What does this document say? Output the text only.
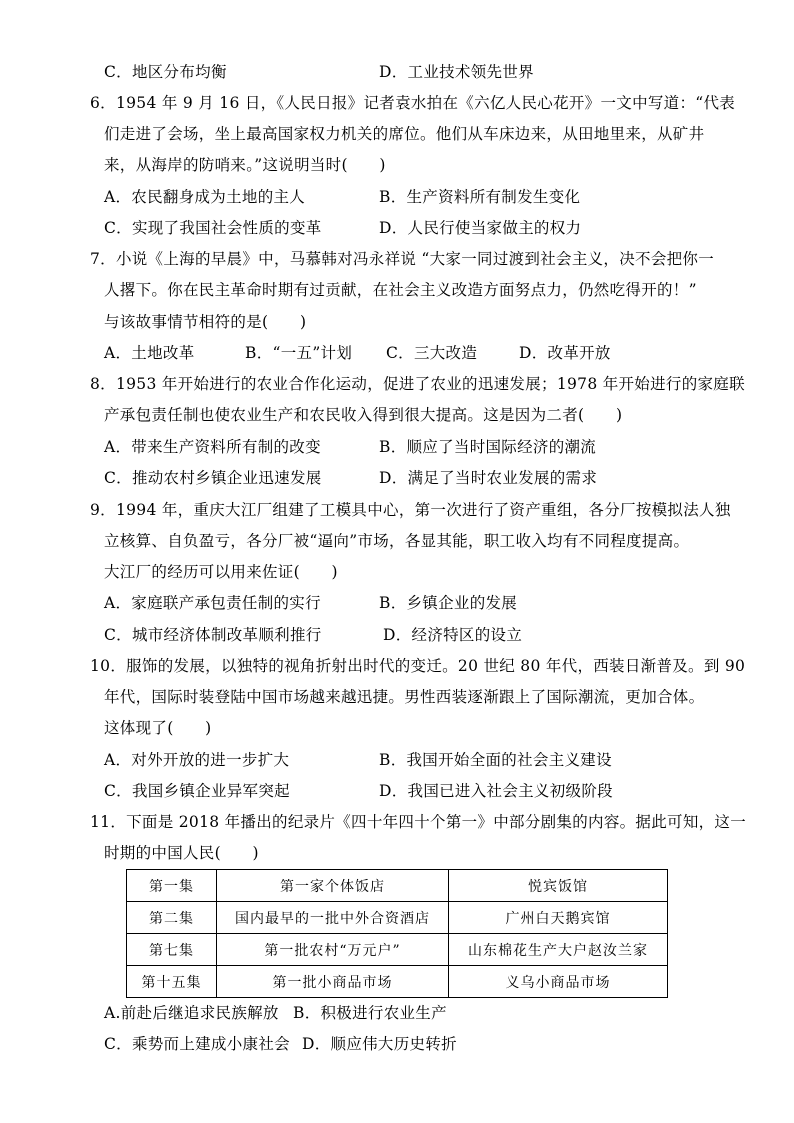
C．地区分布均衡	D．工业技术领先世界
6．1954 年 9 月 16 日，《人民日报》记者袁水拍在《六亿人民心花开》一文中写道：“代表
们走进了会场，坐上最高国家权力机关的席位。他们从车床边来，从田地里来，从矿井
来，从海岸的防哨来。”这说明当时(　　)
A．农民翻身成为土地的主人	B．生产资料所有制发生变化
C．实现了我国社会性质的变革	D．人民行使当家做主的权力
7．小说《上海的早晨》中，马慕韩对冯永祥说 “大家一同过渡到社会主义，决不会把你一
人撂下。你在民主革命时期有过贡献，在社会主义改造方面努点力，仍然吃得开的！”
与该故事情节相符的是(　　)
A．土地改革	B．“一五”计划 C．三大改造	D．改革开放
8．1953 年开始进行的农业合作化运动，促进了农业的迅速发展；1978 年开始进行的家庭联
产承包责任制也使农业生产和农民收入得到很大提高。这是因为二者(　　)
A．带来生产资料所有制的改变	B．顺应了当时国际经济的潮流
C．推动农村乡镇企业迅速发展	D．满足了当时农业发展的需求
9．1994 年，重庆大江厂组建了工模具中心，第一次进行了资产重组，各分厂按模拟法人独
立核算、自负盈亏，各分厂被“逼向”市场，各显其能，职工收入均有不同程度提高。
大江厂的经历可以用来佐证(　　)
A．家庭联产承包责任制的实行	B．乡镇企业的发展
C．城市经济体制改革顺利推行	D．经济特区的设立
10．服饰的发展，以独特的视角折射出时代的变迁。20 世纪 80 年代，西装日渐普及。到 90
年代，国际时装登陆中国市场越来越迅捷。男性西装逐渐跟上了国际潮流，更加合体。
这体现了(　　)
A．对外开放的进一步扩大	B．我国开始全面的社会主义建设
C．我国乡镇企业异军突起	D．我国已进入社会主义初级阶段
11．下面是 2018 年播出的纪录片《四十年四十个第一》中部分剧集的内容。据此可知，这一
时期的中国人民(　　)
第一集	第一家个体饭店	悦宾饭馆
第二集	国内最早的一批中外合资酒店	广州白天鹅宾馆
第七集	第一批农村“万元户”	山东棉花生产大户赵汝兰家
第十五集	第一批小商品市场	义乌小商品市场
A.前赴后继追求民族解放 B．积极进行农业生产
C．乘势而上建成小康社会 D．顺应伟大历史转折
